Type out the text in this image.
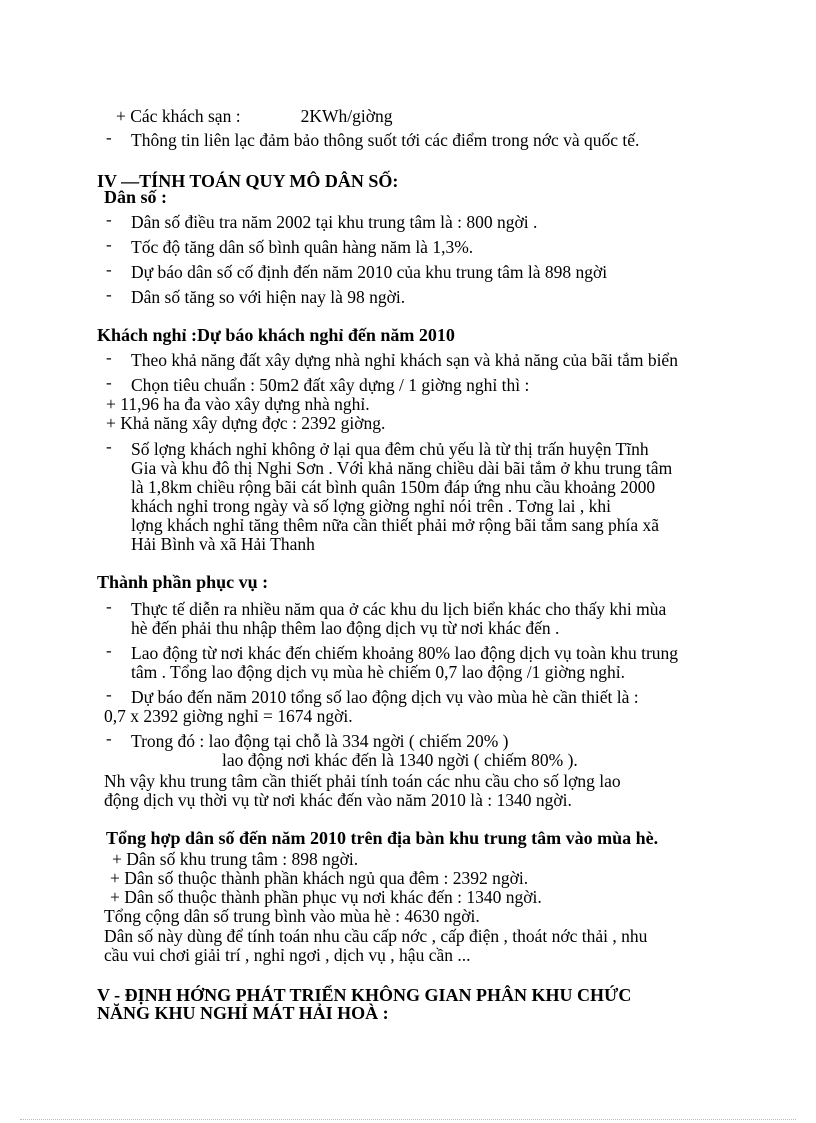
+ Các khách sạn :	2KWh/giờng
- Thông tin liên lạc đảm bảo thông suốt tới các điểm trong nớc và quốc tế.
IV —TÍNH TOÁN QUY MÔ DÂN SỐ:
Dân số :
- Dân số điều tra năm 2002 tại khu trung tâm là : 800 ngời .
- Tốc độ tăng dân số bình quân hàng năm là 1,3%.
- Dự báo dân số cố định đến năm 2010 của khu trung tâm là 898 ngời
- Dân số tăng so với hiện nay là 98 ngời.
Khách nghỉ :Dự báo khách nghỉ đến năm 2010
- Theo khả năng đất xây dựng nhà nghỉ khách sạn và khả năng của bãi tắm biển
- Chọn tiêu chuẩn : 50m2 đất xây dựng / 1 giờng nghỉ thì :
+ 11,96 ha đa vào xây dựng nhà nghỉ.
+ Khả năng xây dựng đợc : 2392 giờng.
- Số lợng khách nghỉ không ở lại qua đêm chủ yếu là từ thị trấn huyện Tĩnh
Gia và khu đô thị Nghi Sơn . Với khả năng chiều dài bãi tắm ở khu trung tâm
là 1,8km chiều rộng bãi cát bình quân 150m đáp ứng nhu cầu khoảng 2000
khách nghỉ trong ngày và số lợng giờng nghỉ nói trên . Tơng lai , khi
lợng khách nghỉ tăng thêm nữa cần thiết phải mở rộng bãi tắm sang phía xã
Hải Bình và xã Hải Thanh
Thành phần phục vụ :
- Thực tế diễn ra nhiều năm qua ở các khu du lịch biển khác cho thấy khi mùa
hè đến phải thu nhập thêm lao động dịch vụ từ nơi khác đến .
- Lao động từ nơi khác đến chiếm khoảng 80% lao động dịch vụ toàn khu trung
tâm . Tổng lao động dịch vụ mùa hè chiếm 0,7 lao động /1 giờng nghỉ.
- Dự báo đến năm 2010 tổng số lao động dịch vụ vào mùa hè cần thiết là :
0,7 x 2392 giờng nghỉ = 1674 ngời.
- Trong đó : lao động tại chỗ là 334 ngời ( chiếm 20% )
lao động nơi khác đến là 1340 ngời ( chiếm 80% ).
Nh vậy khu trung tâm cần thiết phải tính toán các nhu cầu cho số lợng lao
động dịch vụ thời vụ từ nơi khác đến vào năm 2010 là : 1340 ngời.
Tổng hợp dân số đến năm 2010 trên địa bàn khu trung tâm vào mùa hè.
+ Dân số khu trung tâm : 898 ngời.
+ Dân số thuộc thành phần khách ngủ qua đêm : 2392 ngời.
+ Dân số thuộc thành phần phục vụ nơi khác đến : 1340 ngời.
Tổng cộng dân số trung bình vào mùa hè : 4630 ngời.
Dân số này dùng để tính toán nhu cầu cấp nớc , cấp điện , thoát nớc thải , nhu
cầu vui chơi giải trí , nghỉ ngơi , dịch vụ , hậu cần ...
V - ĐỊNH HỚNG PHÁT TRIỂN KHÔNG GIAN PHÂN KHU CHỨC
NĂNG KHU NGHỈ MÁT HẢI HOÀ :
